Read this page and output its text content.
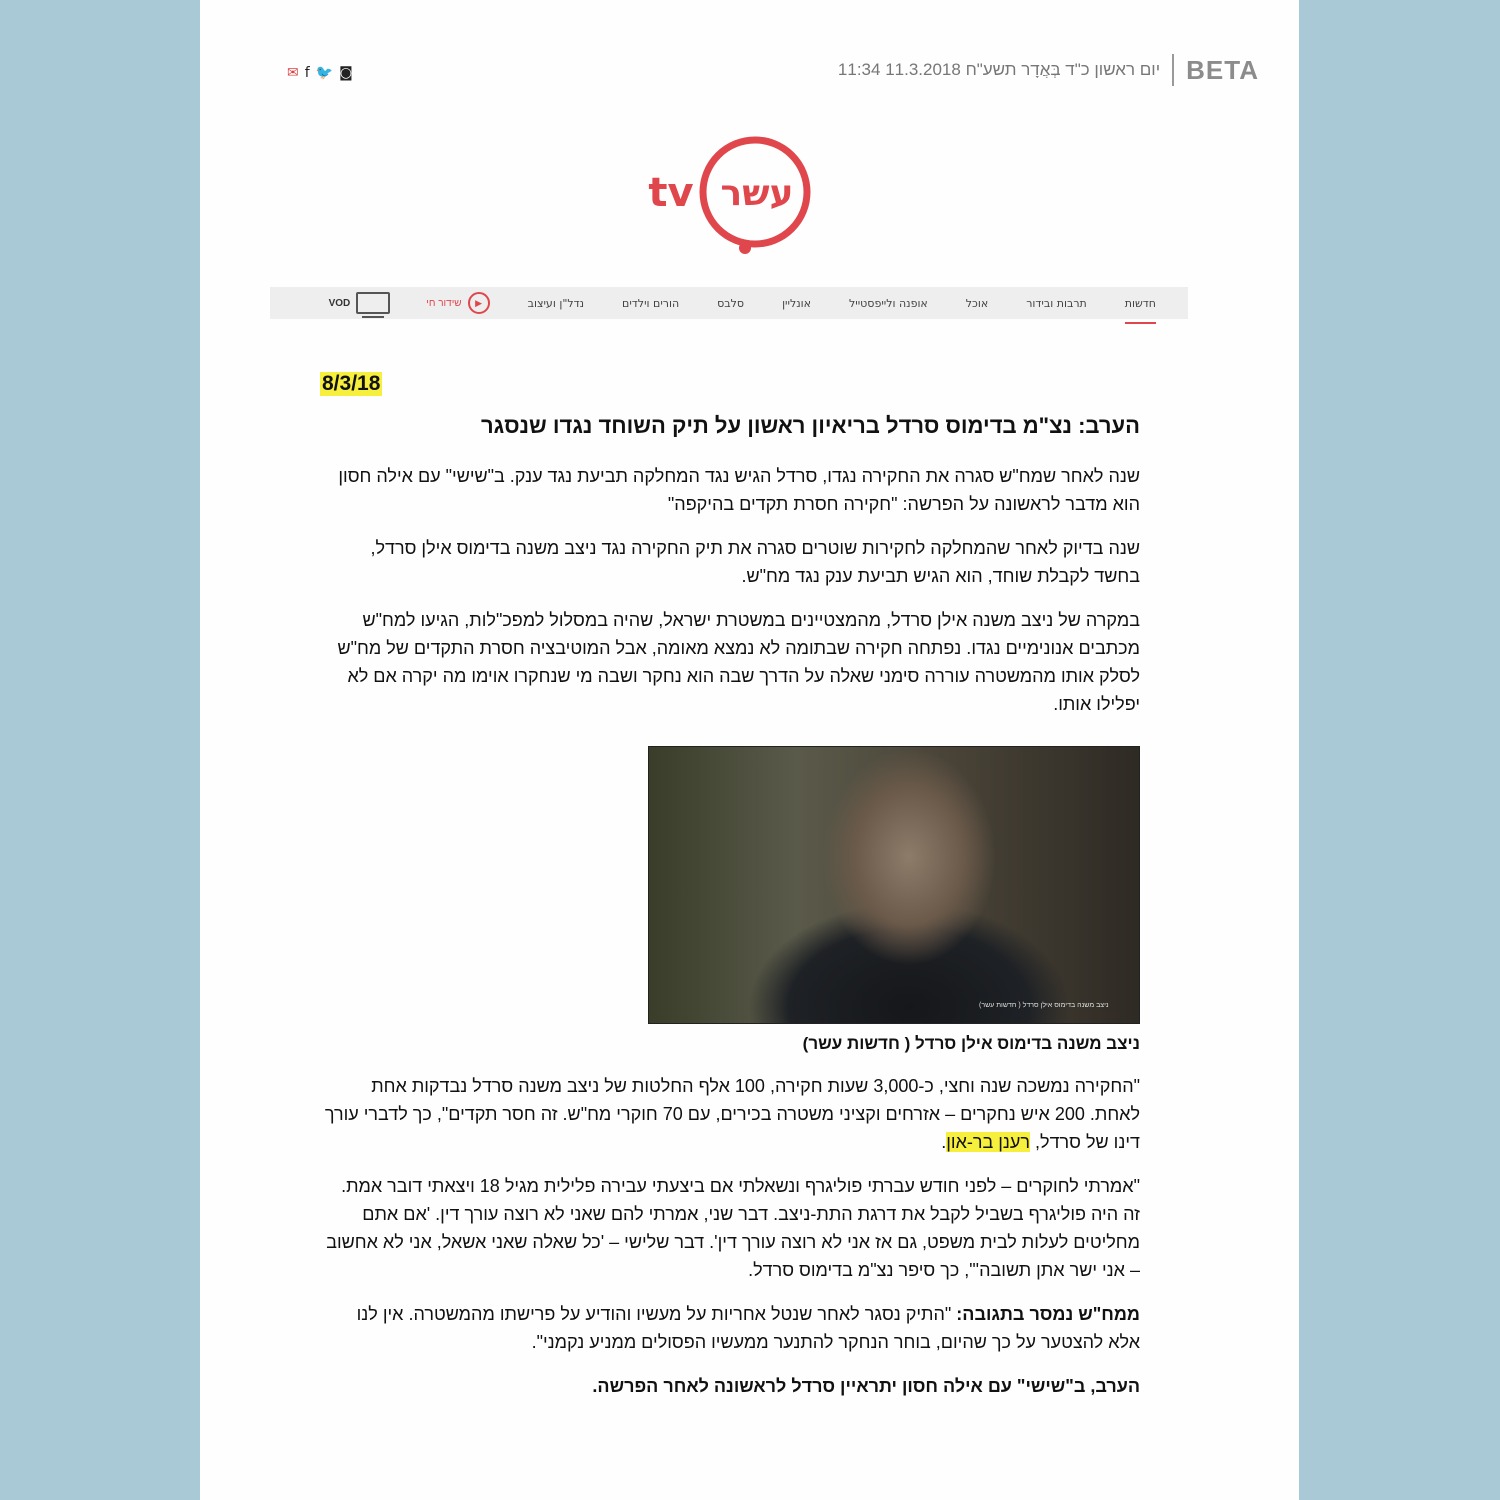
✉ f 🐦 ◙	יום ראשון כ"ד בְּאֲדָר תשע"ח 11.3.2018 11:34 BETA
עשר
tv
חדשות
תרבות ובידור
אוכל
אופנה ולייפסטייל
אונליין
סלבס
הורים וילדים
נדל"ן ועיצוב
▶
שידור חי
VOD
8/3/18
הערב: נצ"מ בדימוס סרדל בריאיון ראשון על תיק השוחד נגדו שנסגר

שנה לאחר שמח"ש סגרה את החקירה נגדו, סרדל הגיש נגד המחלקה תביעת נגד ענק. ב"שישי" עם אילה חסון הוא מדבר לראשונה על הפרשה: "חקירה חסרת תקדים בהיקפה"

שנה בדיוק לאחר שהמחלקה לחקירות שוטרים סגרה את תיק החקירה נגד ניצב משנה בדימוס אילן סרדל, בחשד לקבלת שוחד, הוא הגיש תביעת ענק נגד מח"ש.

במקרה של ניצב משנה אילן סרדל, מהמצטיינים במשטרת ישראל, שהיה במסלול למפכ"לות, הגיעו למח"ש מכתבים אנונימיים נגדו. נפתחה חקירה שבתומה לא נמצא מאומה, אבל המוטיבציה חסרת התקדים של מח"ש לסלק אותו מהמשטרה עוררה סימני שאלה על הדרך שבה הוא נחקר ושבה מי שנחקרו אוימו מה יקרה אם לא יפלילו אותו.

ניצב משנה בדימוס אילן סרדל ( חדשות עשר)
ניצב משנה בדימוס אילן סרדל ( חדשות עשר)

"החקירה נמשכה שנה וחצי, כ-3,000 שעות חקירה, 100 אלף החלטות של ניצב משנה סרדל נבדקות אחת לאחת. 200 איש נחקרים – אזרחים וקציני משטרה בכירים, עם 70 חוקרי מח"ש. זה חסר תקדים", כך לדברי עורך דינו של סרדל, רענן בר-און.

"אמרתי לחוקרים – לפני חודש עברתי פוליגרף ונשאלתי אם ביצעתי עבירה פלילית מגיל 18 ויצאתי דובר אמת. זה היה פוליגרף בשביל לקבל את דרגת התת-ניצב. דבר שני, אמרתי להם שאני לא רוצה עורך דין. 'אם אתם מחליטים לעלות לבית משפט, גם אז אני לא רוצה עורך דין'. דבר שלישי – 'כל שאלה שאני אשאל, אני לא אחשוב – אני ישר אתן תשובה'", כך סיפר נצ"מ בדימוס סרדל.

ממח"ש נמסר בתגובה: "התיק נסגר לאחר שנטל אחריות על מעשיו והודיע על פרישתו מהמשטרה. אין לנו אלא להצטער על כך שהיום, בוחר הנחקר להתנער ממעשיו הפסולים ממניע נקמני".

הערב, ב"שישי" עם אילה חסון יתראיין סרדל לראשונה לאחר הפרשה.
